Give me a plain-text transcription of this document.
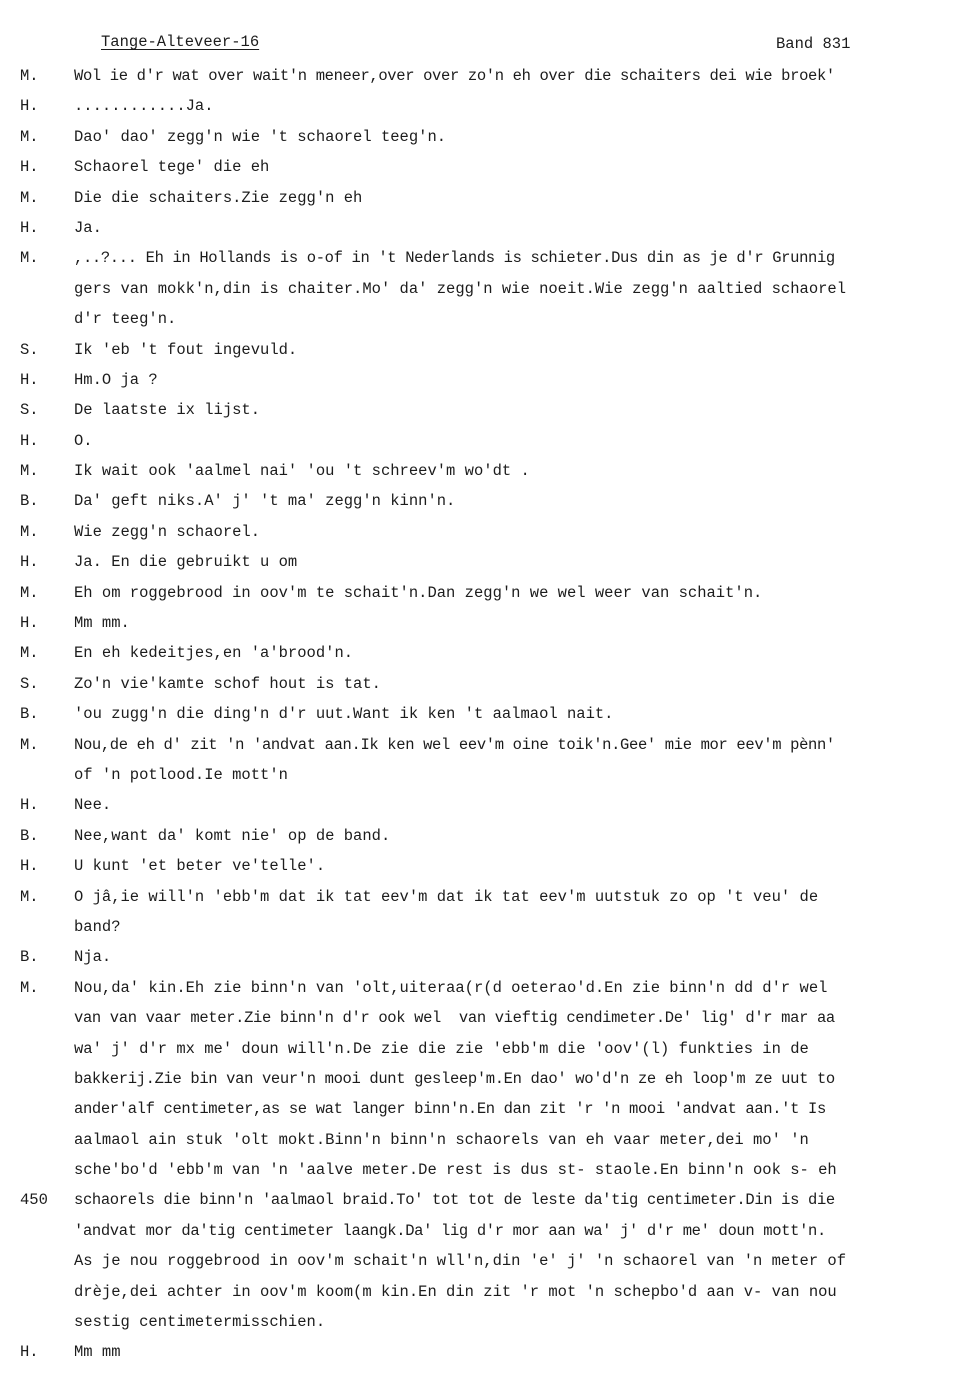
Tange-Alteveer-16	Band 831
M.	Wol ie d'r wat over wait'n meneer,over over zo'n eh over die schaiters dei wie broek'
H.	............Ja.
M.	Dao' dao' zegg'n wie 't schaorel teeg'n.
H.	Schaorel tege' die eh
M.	Die die schaiters.Zie zegg'n eh
H.	Ja.
M.	,..?... Eh in Hollands is o-of in 't Nederlands is schieter.Dus din as je d'r Grunnig
gers van mokk'n,din is chaiter.Mo' da' zegg'n wie noeit.Wie zegg'n aaltied schaorel
d'r teeg'n.
S.	Ik 'eb 't fout ingevuld.
H.	Hm.O ja ?
S.	De laatste ix lijst.
H.	O.
M.	Ik wait ook 'aalmel nai' 'ou 't schreev'm wo'dt .
B.	Da' geft niks.A' j' 't ma' zegg'n kinn'n.
M.	Wie zegg'n schaorel.
H.	Ja. En die gebruikt u om
M.	Eh om roggebrood in oov'm te schait'n.Dan zegg'n we wel weer van schait'n.
H.	Mm mm.
M.	En eh kedeitjes,en 'a'brood'n.
S.	Zo'n vie'kamte schof hout is tat.
B.	'ou zugg'n die ding'n d'r uut.Want ik ken 't aalmaol nait.
M.	Nou,de eh d' zit 'n 'andvat aan.Ik ken wel eev'm oine toik'n.Gee' mie mor eev'm pènn'
of 'n potlood.Ie mott'n
H.	Nee.
B.	Nee,want da' komt nie' op de band.
H.	U kunt 'et beter ve'telle'.
M.	O jâ,ie will'n 'ebb'm dat ik tat eev'm dat ik tat eev'm uutstuk zo op 't veu' de
band?
B.	Nja.
M.	Nou,da' kin.Eh zie binn'n van 'olt,uiteraa(r(d oeterao'd.En zie binn'n dd d'r wel
van van vaar meter.Zie binn'n d'r ook wel  van vieftig cendimeter.De' lig' d'r mar aa
wa' j' d'r mx me' doun will'n.De zie die zie 'ebb'm die 'oov'(l) funkties in de
bakkerij.Zie bin van veur'n mooi dunt gesleep'm.En dao' wo'd'n ze eh loop'm ze uut to
ander'alf centimeter,as se wat langer binn'n.En dan zit 'r 'n mooi 'andvat aan.'t Is
aalmaol ain stuk 'olt mokt.Binn'n binn'n schaorels van eh vaar meter,dei mo' 'n
sche'bo'd 'ebb'm van 'n 'aalve meter.De rest is dus st- staole.En binn'n ook s- eh
450	schaorels die binn'n 'aalmaol braid.To' tot tot de leste da'tig centimeter.Din is die
'andvat mor da'tig centimeter laangk.Da' lig d'r mor aan wa' j' d'r me' doun mott'n.
As je nou roggebrood in oov'm schait'n wll'n,din 'e' j' 'n schaorel van 'n meter of
drèje,dei achter in oov'm koom(m kin.En din zit 'r mot 'n schepbo'd aan v- van nou
sestig centimetermisschien.
H.	Mm mm
